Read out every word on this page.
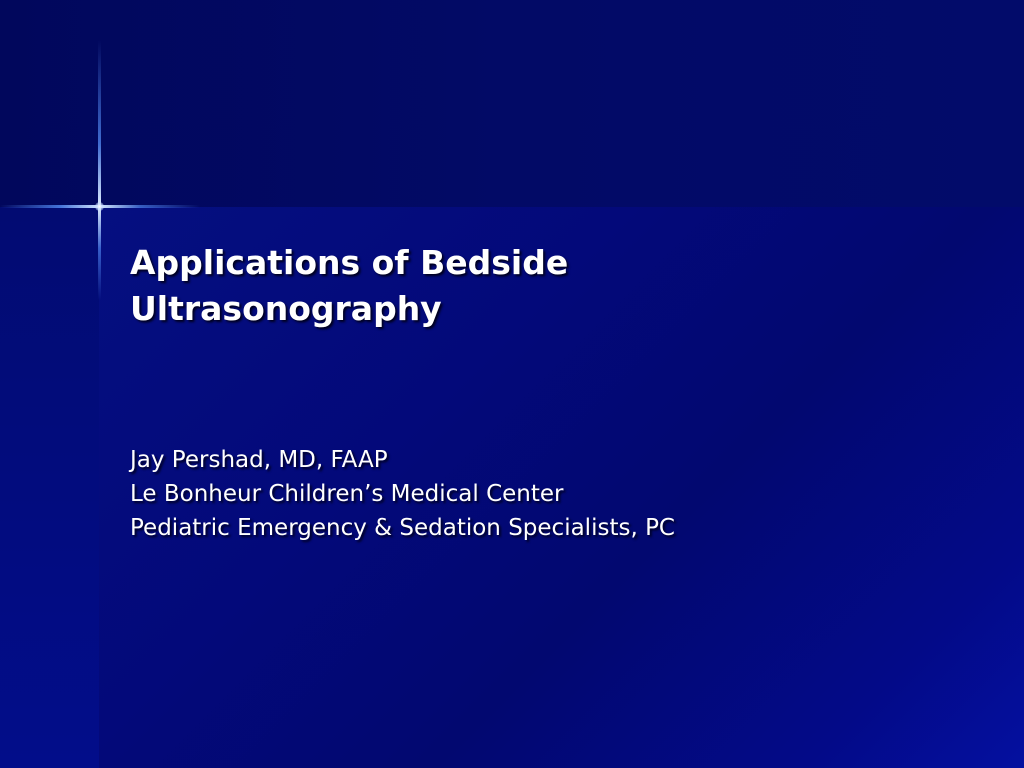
Applications of Bedside
Ultrasonography
Jay Pershad, MD, FAAP
Le Bonheur Children’s Medical Center
Pediatric Emergency & Sedation Specialists, PC
